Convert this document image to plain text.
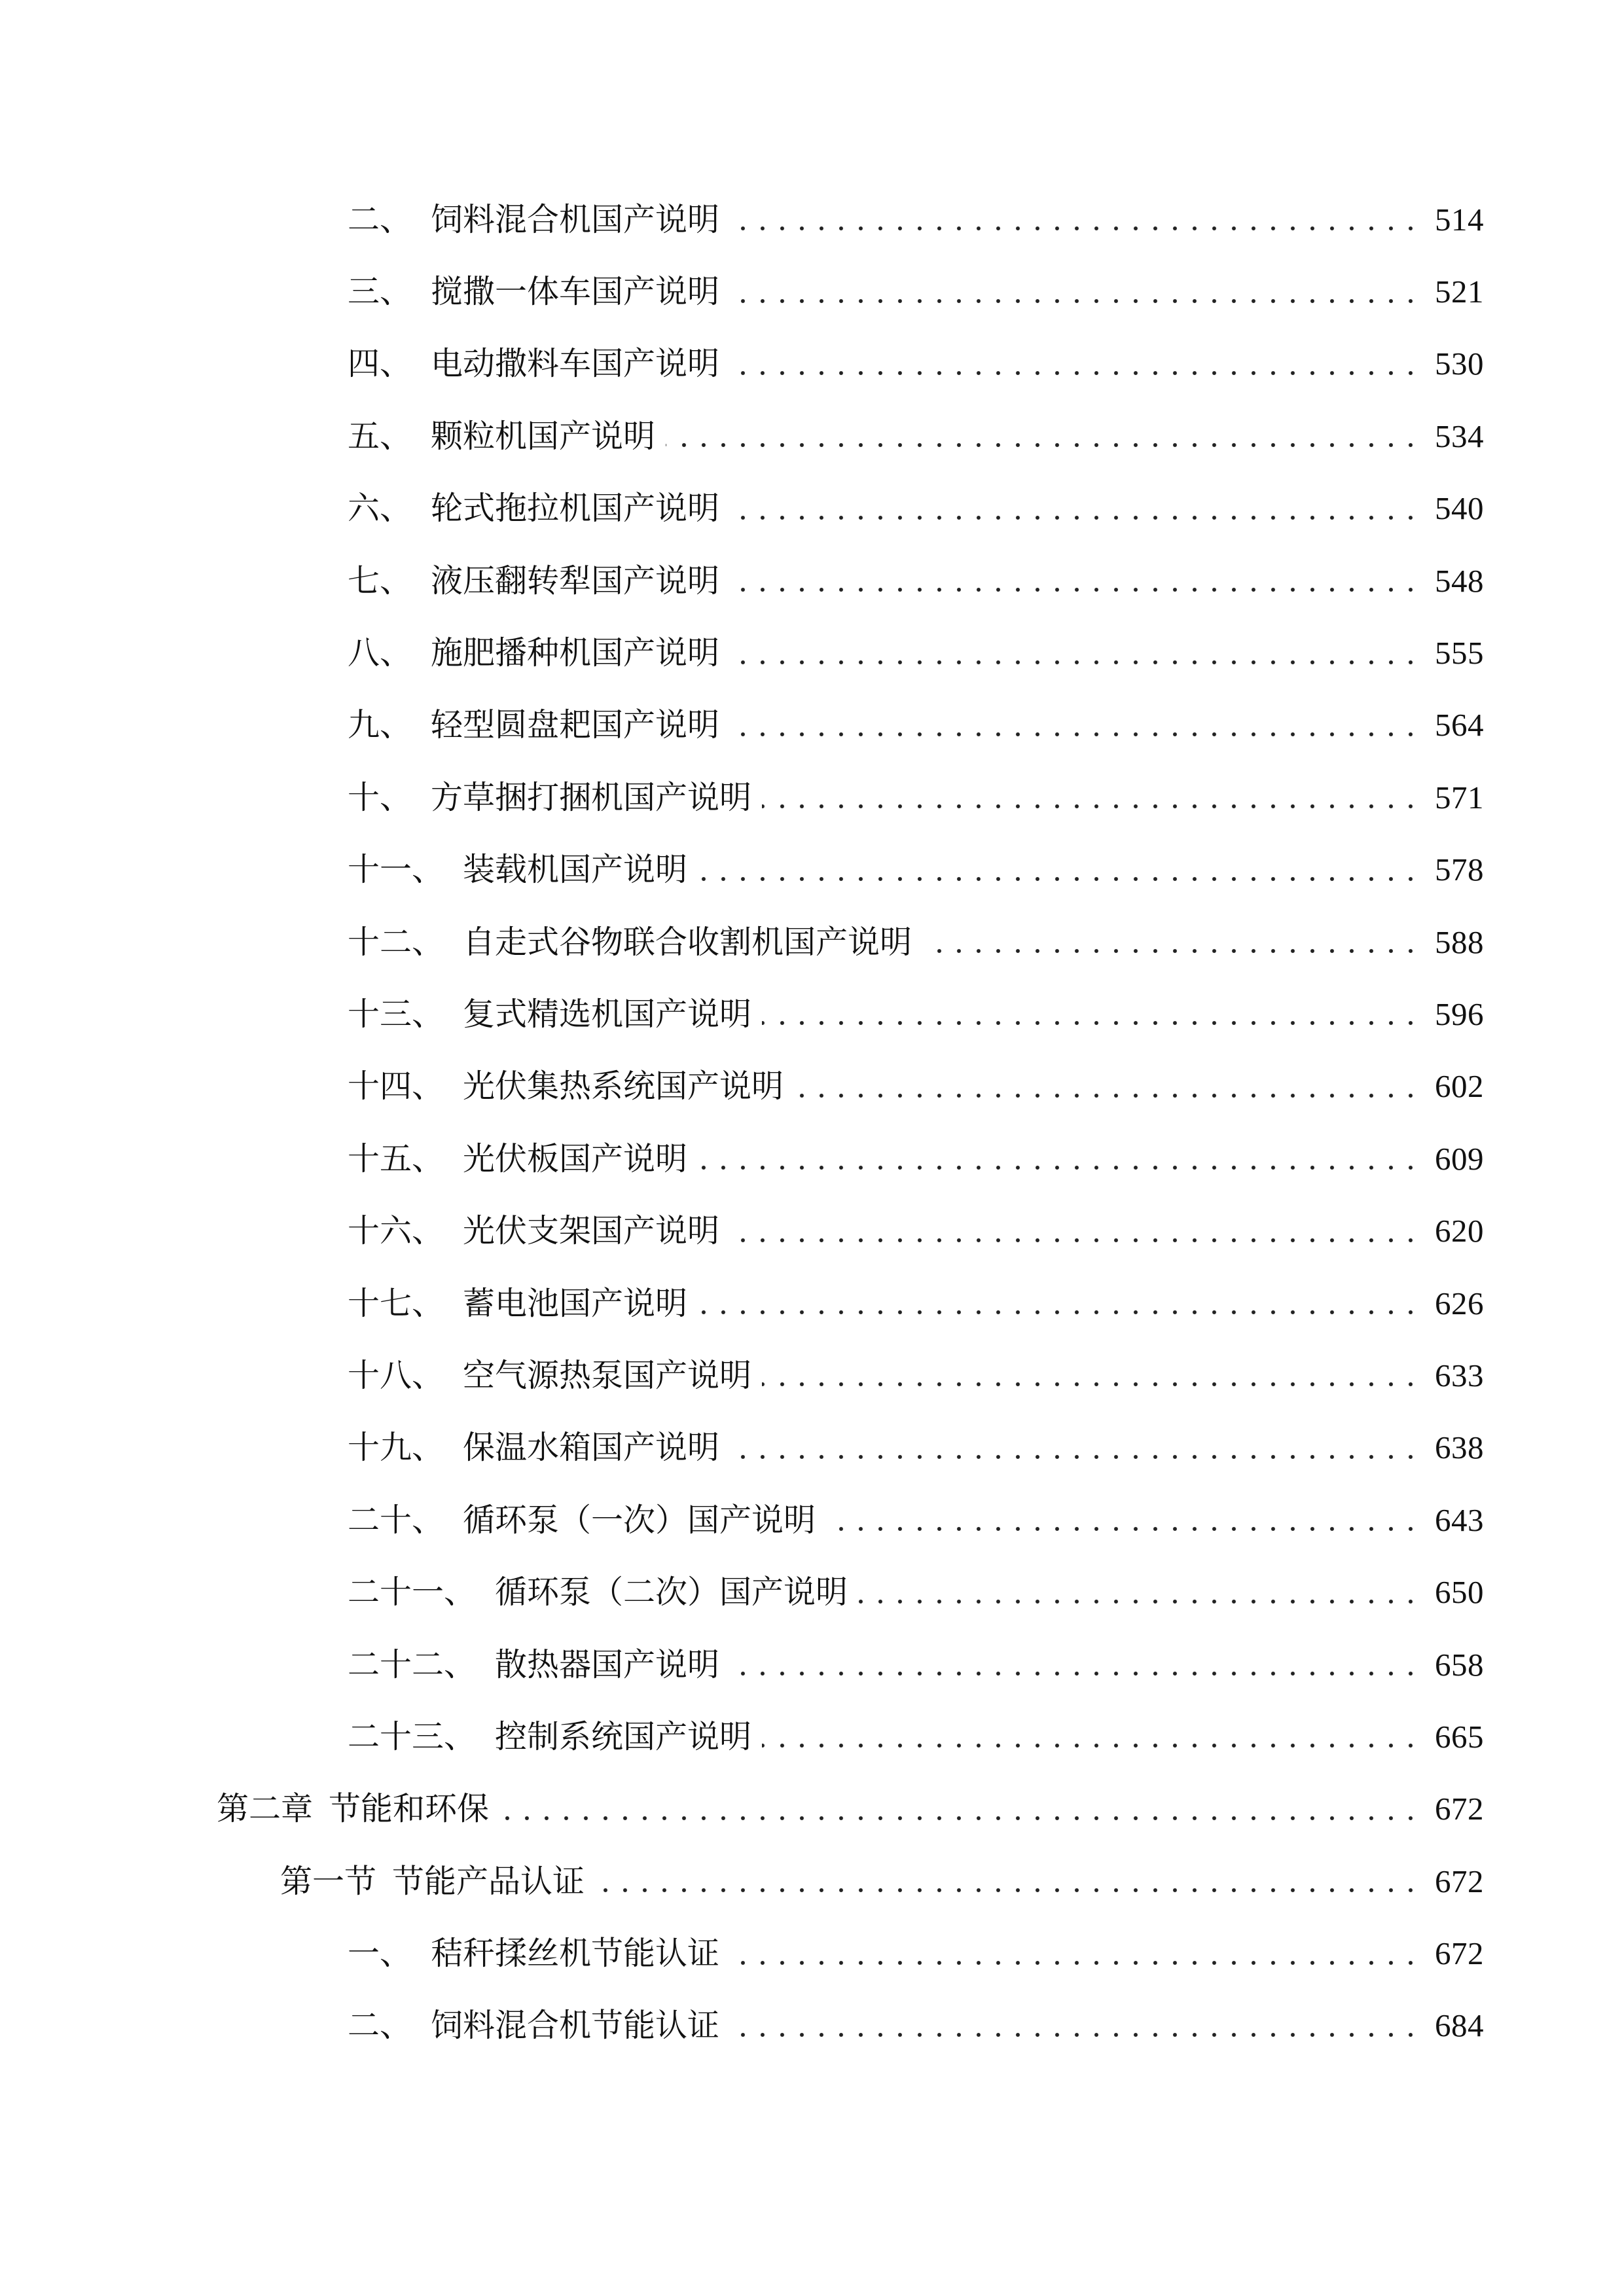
二、 饲料混合机国产说明	514
三、 搅撒一体车国产说明	521
四、 电动撒料车国产说明	530
五、 颗粒机国产说明	534
六、 轮式拖拉机国产说明	540
七、 液压翻转犁国产说明	548
八、 施肥播种机国产说明	555
九、 轻型圆盘耙国产说明	564
十、 方草捆打捆机国产说明	571
十一、 装载机国产说明	578
十二、 自走式谷物联合收割机国产说明	588
十三、 复式精选机国产说明	596
十四、 光伏集热系统国产说明	602
十五、 光伏板国产说明	609
十六、 光伏支架国产说明	620
十七、 蓄电池国产说明	626
十八、 空气源热泵国产说明	633
十九、 保温水箱国产说明	638
二十、 循环泵（一次）国产说明	643
二十一、 循环泵（二次）国产说明	650
二十二、 散热器国产说明	658
二十三、 控制系统国产说明	665
第二章 节能和环保	672
第一节 节能产品认证	672
一、 秸秆揉丝机节能认证	672
二、 饲料混合机节能认证	684
